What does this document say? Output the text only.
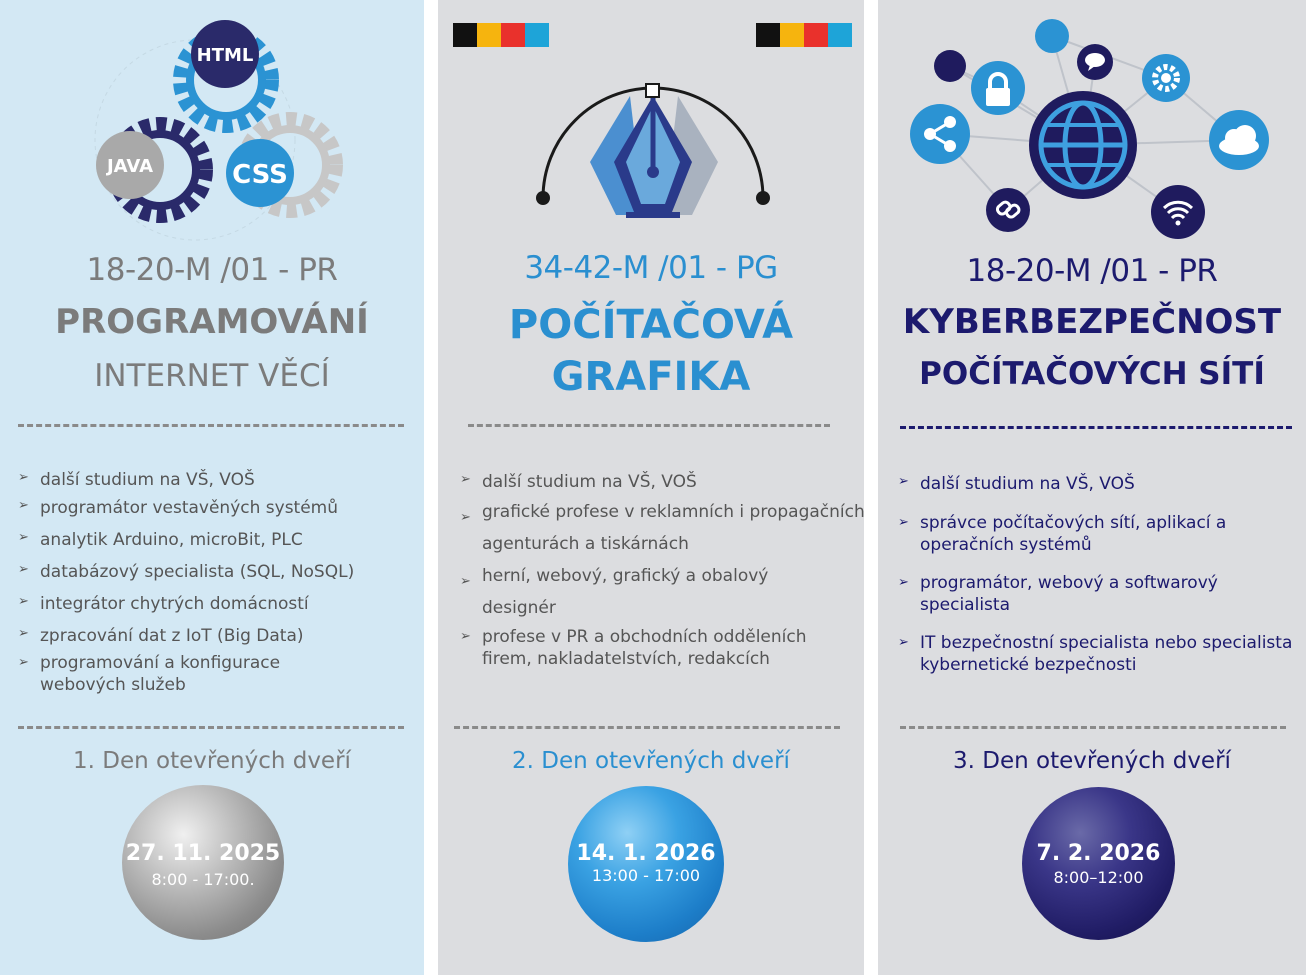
HTML
JAVA	CSS
18-20-M /01 - PR
PROGRAMOVÁNÍ
INTERNET VĚCÍ
➢ další studium na VŠ, VOŠ
➢ programátor vestavěných systémů
➢ analytik Arduino, microBit, PLC
➢ databázový specialista (SQL, NoSQL)
➢ integrátor chytrých domácností
➢ zpracování dat z IoT (Big Data)
➢ programování a konfigurace webových služeb
1. Den otevřených dveří
27. 11. 2025
8:00 - 17:00.
34-42-M /01 - PG
POČÍTAČOVÁ
GRAFIKA
➢ další studium na VŠ, VOŠ
➢ grafické profese v reklamních i propagačních agenturách a tiskárnách
➢ herní, webový, grafický a obalový designér
➢ profese v PR a obchodních odděleních firem, nakladatelstvích, redakcích
2. Den otevřených dveří
14. 1. 2026
13:00 - 17:00
18-20-M /01 - PR
KYBERBEZPEČNOST
POČÍTAČOVÝCH SÍTÍ
➢ další studium na VŠ, VOŠ
➢ správce počítačových sítí, aplikací a operačních systémů
➢ programátor, webový a softwarový specialista
➢ IT bezpečnostní specialista nebo specialista kybernetické bezpečnosti
3. Den otevřených dveří
7. 2. 2026
8:00–12:00
